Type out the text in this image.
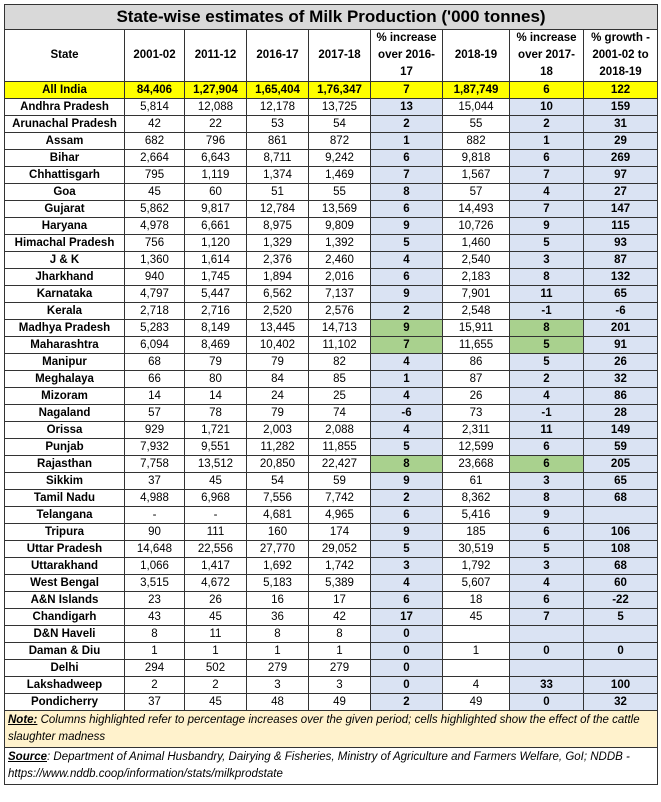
State-wise estimates of Milk Production ('000 tonnes)								
State	2001-02	2011-12	2016-17	2017-18	% increase over 2016-17	2018-19	% increase over 2017-18	% growth - 2001-02 to 2018-19
All India	84,406	1,27,904	1,65,404	1,76,347	7	1,87,749	6	122
Andhra Pradesh	5,814	12,088	12,178	13,725	13	15,044	10	159
Arunachal Pradesh	42	22	53	54	2	55	2	31
Assam	682	796	861	872	1	882	1	29
Bihar	2,664	6,643	8,711	9,242	6	9,818	6	269
Chhattisgarh	795	1,119	1,374	1,469	7	1,567	7	97
Goa	45	60	51	55	8	57	4	27
Gujarat	5,862	9,817	12,784	13,569	6	14,493	7	147
Haryana	4,978	6,661	8,975	9,809	9	10,726	9	115
Himachal Pradesh	756	1,120	1,329	1,392	5	1,460	5	93
J & K	1,360	1,614	2,376	2,460	4	2,540	3	87
Jharkhand	940	1,745	1,894	2,016	6	2,183	8	132
Karnataka	4,797	5,447	6,562	7,137	9	7,901	11	65
Kerala	2,718	2,716	2,520	2,576	2	2,548	-1	-6
Madhya Pradesh	5,283	8,149	13,445	14,713	9	15,911	8	201
Maharashtra	6,094	8,469	10,402	11,102	7	11,655	5	91
Manipur	68	79	79	82	4	86	5	26
Meghalaya	66	80	84	85	1	87	2	32
Mizoram	14	14	24	25	4	26	4	86
Nagaland	57	78	79	74	-6	73	-1	28
Orissa	929	1,721	2,003	2,088	4	2,311	11	149
Punjab	7,932	9,551	11,282	11,855	5	12,599	6	59
Rajasthan	7,758	13,512	20,850	22,427	8	23,668	6	205
Sikkim	37	45	54	59	9	61	3	65
Tamil Nadu	4,988	6,968	7,556	7,742	2	8,362	8	68
Telangana	-	-	4,681	4,965	6	5,416	9	
Tripura	90	111	160	174	9	185	6	106
Uttar Pradesh	14,648	22,556	27,770	29,052	5	30,519	5	108
Uttarakhand	1,066	1,417	1,692	1,742	3	1,792	3	68
West Bengal	3,515	4,672	5,183	5,389	4	5,607	4	60
A&N Islands	23	26	16	17	6	18	6	-22
Chandigarh	43	45	36	42	17	45	7	5
D&N Haveli	8	11	8	8	0			
Daman & Diu	1	1	1	1	0	1	0	0
Delhi	294	502	279	279	0			
Lakshadweep	2	2	3	3	0	4	33	100
Pondicherry	37	45	48	49	2	49	0	32
Note: Columns highlighted refer to percentage increases over the given period; cells highlighted show the effect of the cattle slaughter madness								
Source: Department of Animal Husbandry, Dairying & Fisheries, Ministry of Agriculture and Farmers Welfare, GoI; NDDB - https://www.nddb.coop/information/stats/milkprodstate								
